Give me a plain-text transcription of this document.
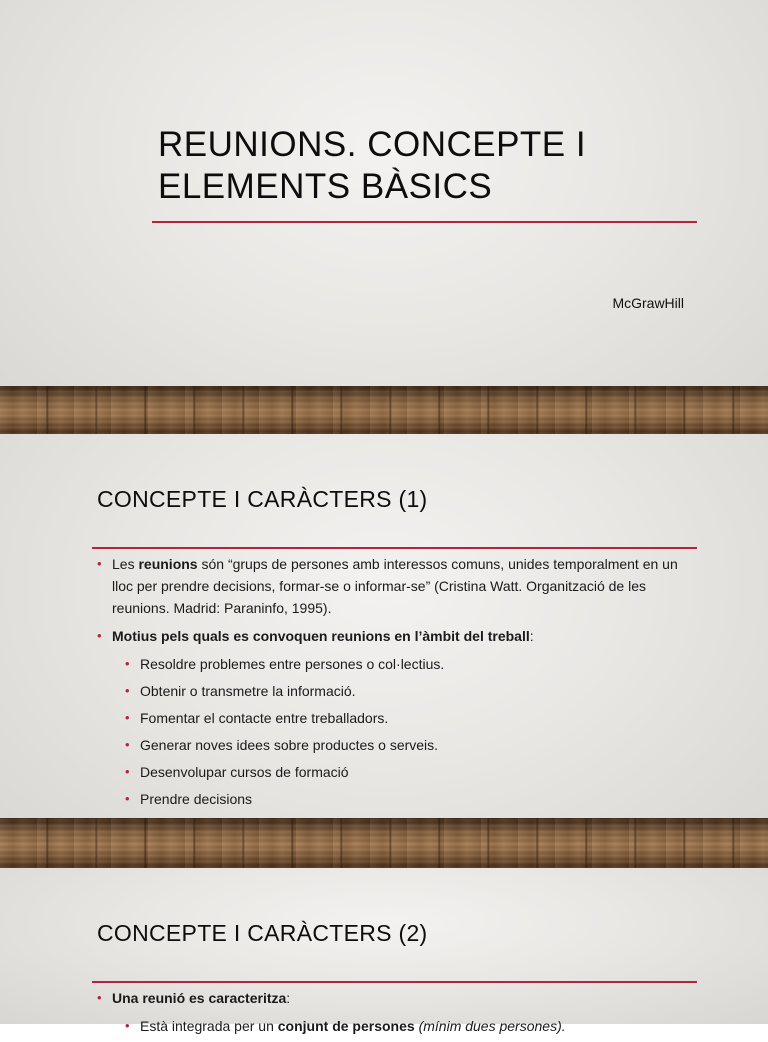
REUNIONS. CONCEPTE I ELEMENTS BÀSICS
McGrawHill
CONCEPTE I CARÀCTERS (1)
• Les reunions són “grups de persones amb interessos comuns, unides temporalment en un lloc per prendre decisions, formar-se o informar-se” (Cristina Watt. Organització de les reunions. Madrid: Paraninfo, 1995).
• Motius pels quals es convoquen reunions en l’àmbit del treball:
• Resoldre problemes entre persones o col·lectius.
• Obtenir o transmetre la informació.
• Fomentar el contacte entre treballadors.
• Generar noves idees sobre productes o serveis.
• Desenvolupar cursos de formació
• Prendre decisions
CONCEPTE I CARÀCTERS (2)
• Una reunió es caracteritza:
• Està integrada per un conjunt de persones (mínim dues persones).
